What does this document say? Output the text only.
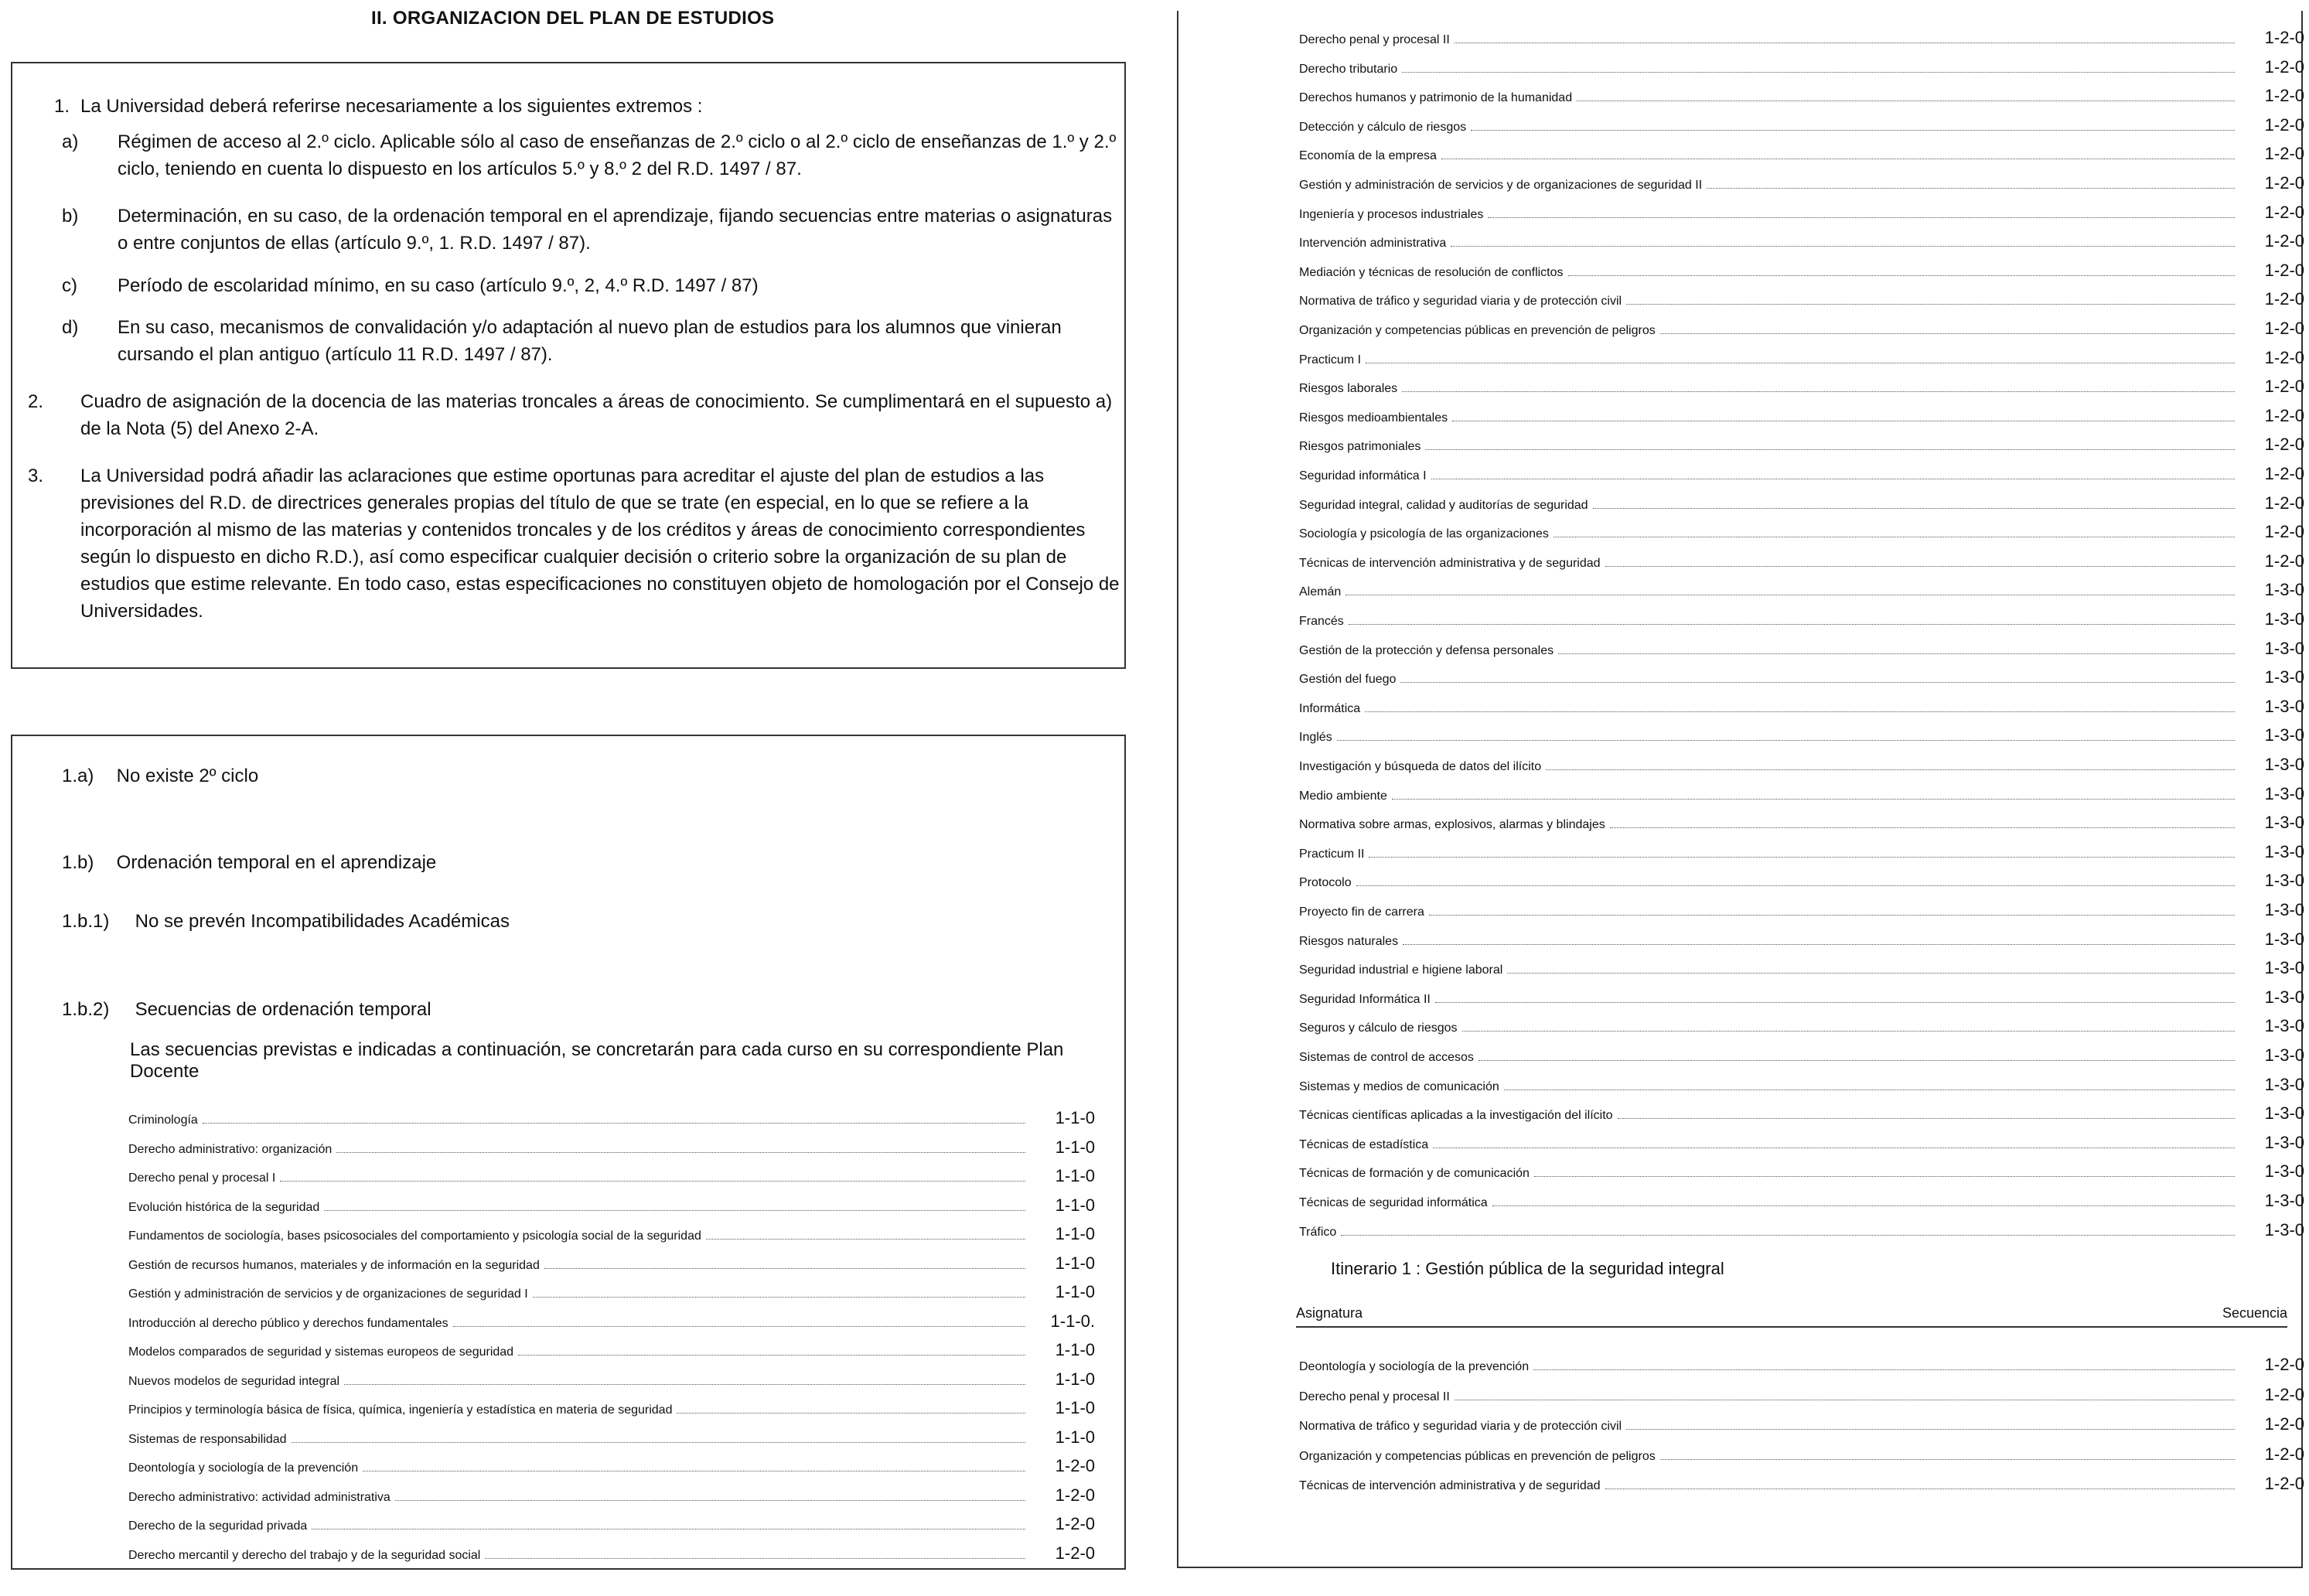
II. ORGANIZACION DEL PLAN DE ESTUDIOS

1. La Universidad deberá referirse necesariamente a los siguientes extremos :

a) Régimen de acceso al 2.º ciclo. Aplicable sólo al caso de enseñanzas de 2.º ciclo o al 2.º ciclo de enseñanzas de 1.º y 2.º ciclo, teniendo en cuenta lo dispuesto en los artículos 5.º y 8.º 2 del R.D. 1497 / 87.

b) Determinación, en su caso, de la ordenación temporal en el aprendizaje, fijando secuencias entre materias o asignaturas o entre conjuntos de ellas (artículo 9.º, 1. R.D. 1497 / 87).

c) Período de escolaridad mínimo, en su caso (artículo 9.º, 2, 4.º R.D. 1497 / 87)

d) En su caso, mecanismos de convalidación y/o adaptación al nuevo plan de estudios para los alumnos que vinieran cursando el plan antiguo (artículo 11 R.D. 1497 / 87).

2. Cuadro de asignación de la docencia de las materias troncales a áreas de conocimiento. Se cumplimentará en el supuesto a) de la Nota (5) del Anexo 2-A.

3. La Universidad podrá añadir las aclaraciones que estime oportunas para acreditar el ajuste del plan de estudios a las previsiones del R.D. de directrices generales propias del título de que se trate (en especial, en lo que se refiere a la incorporación al mismo de las materias y contenidos troncales y de los créditos y áreas de conocimiento correspondientes según lo dispuesto en dicho R.D.), así como especificar cualquier decisión o criterio sobre la organización de su plan de estudios que estime relevante. En todo caso, estas especificaciones no constituyen objeto de homologación por el Consejo de Universidades.

1.a) No existe 2º ciclo
1.b) Ordenación temporal en el aprendizaje
1.b.1) No se prevén Incompatibilidades Académicas
1.b.2) Secuencias de ordenación temporal
Las secuencias previstas e indicadas a continuación, se concretarán para cada curso en su correspondiente Plan Docente
Criminología	1-1-0
Derecho administrativo: organización	1-1-0
Derecho penal y procesal I	1-1-0
Evolución histórica de la seguridad	1-1-0
Fundamentos de sociología, bases psicosociales del comportamiento y psicología social de la seguridad	1-1-0
Gestión de recursos humanos, materiales y de información en la seguridad	1-1-0
Gestión y administración de servicios y de organizaciones de seguridad I	1-1-0
Introducción al derecho público y derechos fundamentales	1-1-0.
Modelos comparados de seguridad y sistemas europeos de seguridad	1-1-0
Nuevos modelos de seguridad integral	1-1-0
Principios y terminología básica de física, química, ingeniería y estadística en materia de seguridad	1-1-0
Sistemas de responsabilidad	1-1-0
Deontología y sociología de la prevención	1-2-0
Derecho administrativo: actividad administrativa	1-2-0
Derecho de la seguridad privada	1-2-0
Derecho mercantil y derecho del trabajo y de la seguridad social	1-2-0
Derecho penal y procesal II	1-2-0
Derecho tributario	1-2-0
Derechos humanos y patrimonio de la humanidad	1-2-0
Detección y cálculo de riesgos	1-2-0
Economía de la empresa	1-2-0
Gestión y administración de servicios y de organizaciones de seguridad II	1-2-0
Ingeniería y procesos industriales	1-2-0
Intervención administrativa	1-2-0
Mediación y técnicas de resolución de conflictos	1-2-0
Normativa de tráfico y seguridad viaria y de protección civil	1-2-0
Organización y competencias públicas en prevención de peligros	1-2-0
Practicum I	1-2-0
Riesgos laborales	1-2-0
Riesgos medioambientales	1-2-0
Riesgos patrimoniales	1-2-0
Seguridad informática I	1-2-0
Seguridad integral, calidad y auditorías de seguridad	1-2-0
Sociología y psicología de las organizaciones	1-2-0
Técnicas de intervención administrativa y de seguridad	1-2-0
Alemán	1-3-0
Francés	1-3-0
Gestión de la protección y defensa personales	1-3-0
Gestión del fuego	1-3-0
Informática	1-3-0
Inglés	1-3-0
Investigación y búsqueda de datos del ilícito	1-3-0
Medio ambiente	1-3-0
Normativa sobre armas, explosivos, alarmas y blindajes	1-3-0
Practicum II	1-3-0
Protocolo	1-3-0
Proyecto fin de carrera	1-3-0
Riesgos naturales	1-3-0
Seguridad industrial e higiene laboral	1-3-0
Seguridad Informática II	1-3-0
Seguros y cálculo de riesgos	1-3-0
Sistemas de control de accesos	1-3-0
Sistemas y medios de comunicación	1-3-0
Técnicas científicas aplicadas a la investigación del ilícito	1-3-0
Técnicas de estadística	1-3-0
Técnicas de formación y de comunicación	1-3-0
Técnicas de seguridad informática	1-3-0
Tráfico	1-3-0
Itinerario 1 : Gestión pública de la seguridad integral
Asignatura	Secuencia
Deontología y sociología de la prevención	1-2-0
Derecho penal y procesal II	1-2-0
Normativa de tráfico y seguridad viaria y de protección civil	1-2-0
Organización y competencias públicas en prevención de peligros	1-2-0
Técnicas de intervención administrativa y de seguridad	1-2-0
